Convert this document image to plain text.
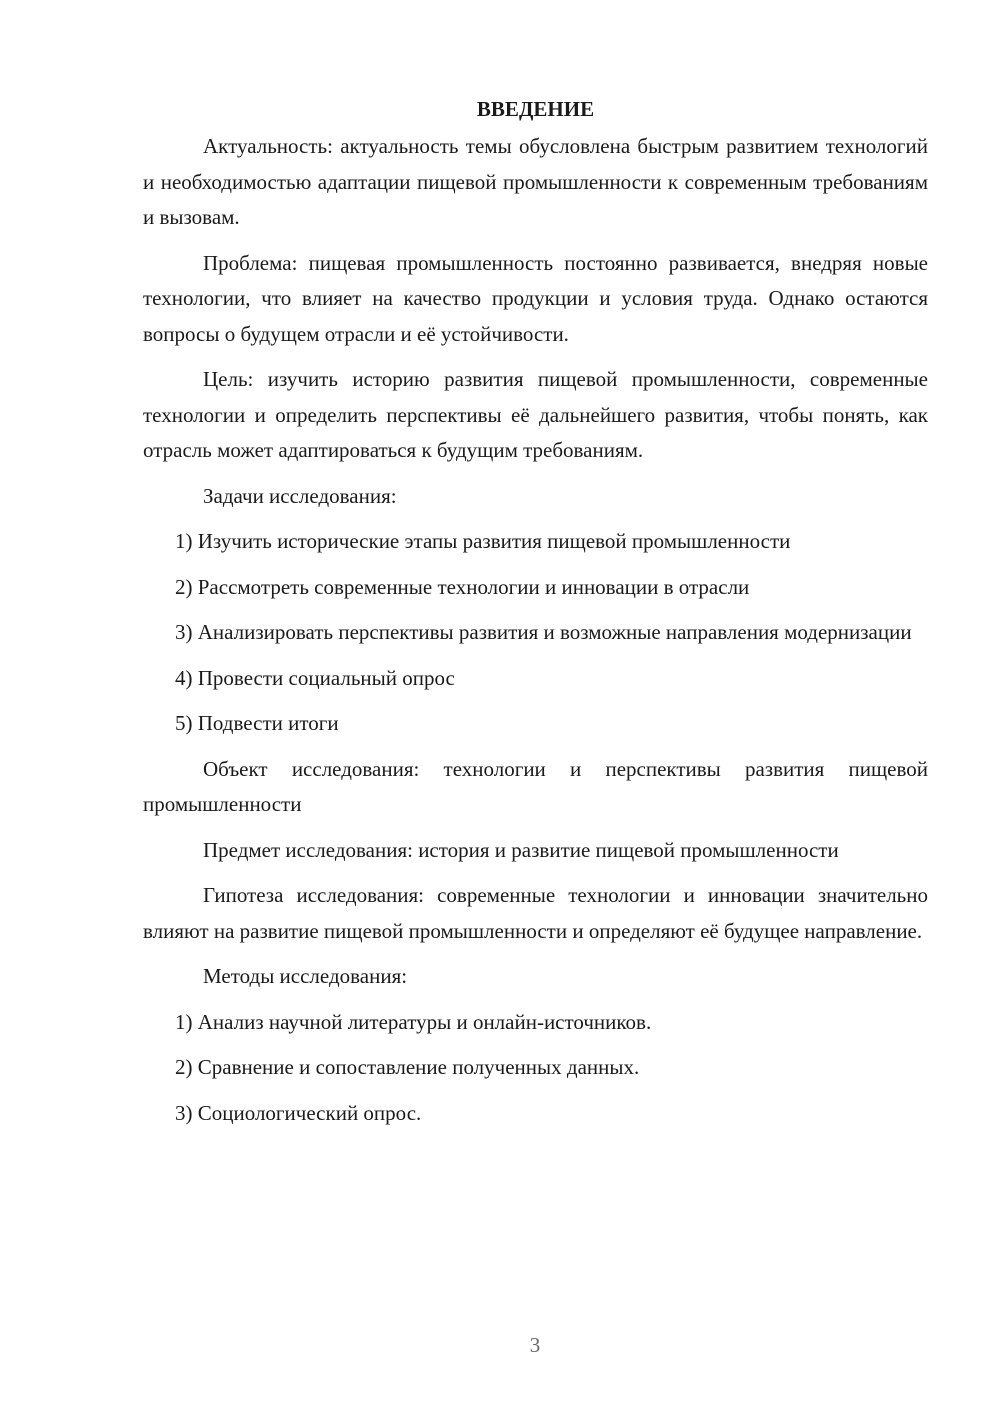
ВВЕДЕНИЕ

Актуальность: актуальность темы обусловлена быстрым развитием технологий и необходимостью адаптации пищевой промышленности к современным требованиям и вызовам.

Проблема: пищевая промышленность постоянно развивается, внедряя новые технологии, что влияет на качество продукции и условия труда. Однако остаются вопросы о будущем отрасли и её устойчивости.

Цель: изучить историю развития пищевой промышленности, современные технологии и определить перспективы её дальнейшего развития, чтобы понять, как отрасль может адаптироваться к будущим требованиям.

Задачи исследования:

1) Изучить исторические этапы развития пищевой промышленности

2) Рассмотреть современные технологии и инновации в отрасли

3) Анализировать перспективы развития и возможные направления модернизации

4) Провести социальный опрос

5) Подвести итоги

Объект исследования: технологии и перспективы развития пищевой промышленности

Предмет исследования: история и развитие пищевой промышленности

Гипотеза исследования: современные технологии и инновации значительно влияют на развитие пищевой промышленности и определяют её будущее направление.

Методы исследования:

1) Анализ научной литературы и онлайн-источников.

2) Сравнение и сопоставление полученных данных.

3) Социологический опрос.

3
